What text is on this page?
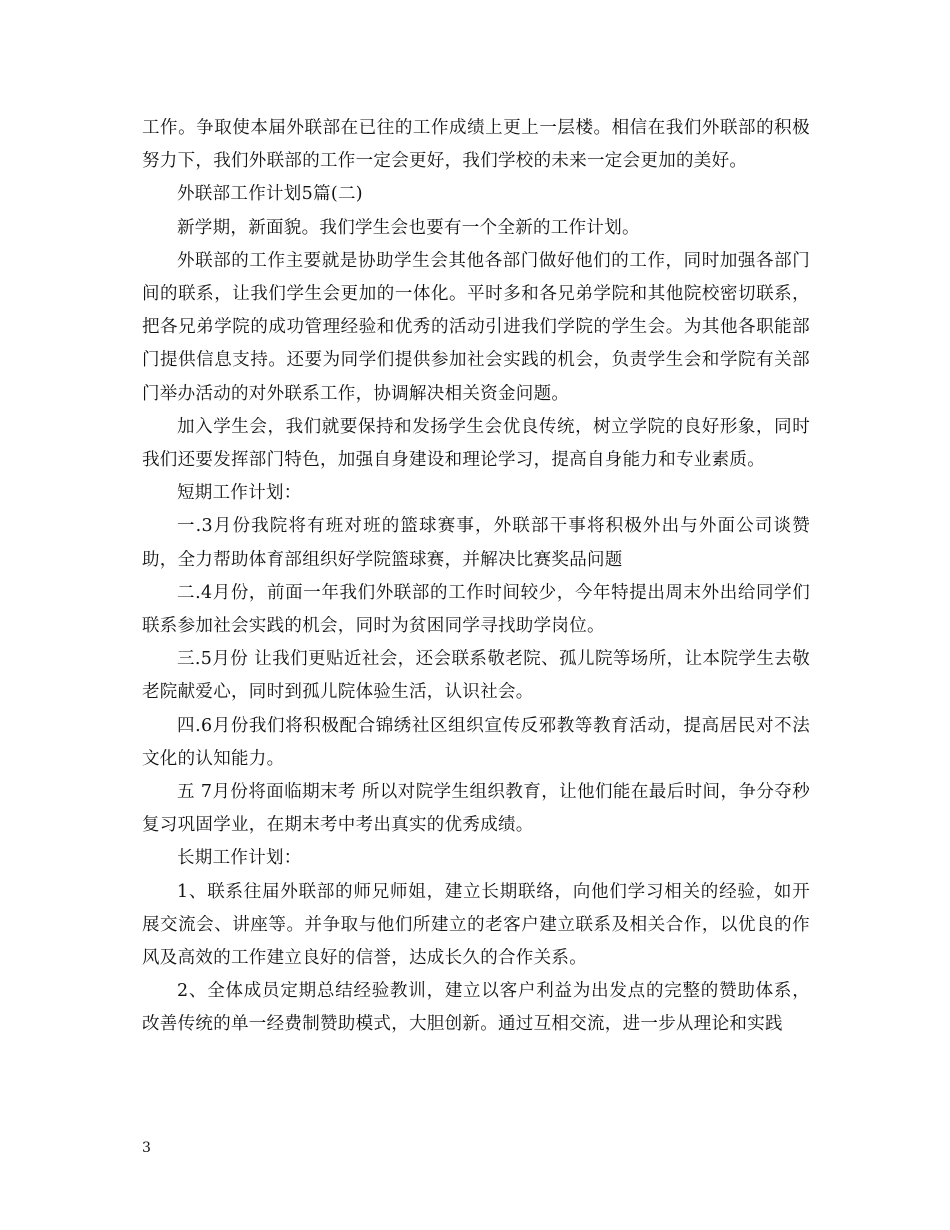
工作。争取使本届外联部在已往的工作成绩上更上一层楼。相信在我们外联部的积极努力下，我们外联部的工作一定会更好，我们学校的未来一定会更加的美好。

外联部工作计划5篇(二)

新学期，新面貌。我们学生会也要有一个全新的工作计划。

外联部的工作主要就是协助学生会其他各部门做好他们的工作，同时加强各部门间的联系，让我们学生会更加的一体化。平时多和各兄弟学院和其他院校密切联系，把各兄弟学院的成功管理经验和优秀的活动引进我们学院的学生会。为其他各职能部门提供信息支持。还要为同学们提供参加社会实践的机会，负责学生会和学院有关部门举办活动的对外联系工作，协调解决相关资金问题。

加入学生会，我们就要保持和发扬学生会优良传统，树立学院的良好形象，同时我们还要发挥部门特色，加强自身建设和理论学习，提高自身能力和专业素质。

短期工作计划：

一.3月份我院将有班对班的篮球赛事，外联部干事将积极外出与外面公司谈赞助，全力帮助体育部组织好学院篮球赛，并解决比赛奖品问题

二.4月份，前面一年我们外联部的工作时间较少，今年特提出周末外出给同学们联系参加社会实践的机会，同时为贫困同学寻找助学岗位。

三.5月份 让我们更贴近社会，还会联系敬老院、孤儿院等场所，让本院学生去敬老院献爱心，同时到孤儿院体验生活，认识社会。

四.6月份我们将积极配合锦绣社区组织宣传反邪教等教育活动，提高居民对不法文化的认知能力。

五 7月份将面临期末考 所以对院学生组织教育，让他们能在最后时间，争分夺秒复习巩固学业，在期末考中考出真实的优秀成绩。

长期工作计划：

1、联系往届外联部的师兄师姐，建立长期联络，向他们学习相关的经验，如开展交流会、讲座等。并争取与他们所建立的老客户建立联系及相关合作，以优良的作风及高效的工作建立良好的信誉，达成长久的合作关系。

2、全体成员定期总结经验教训，建立以客户利益为出发点的完整的赞助体系，改善传统的单一经费制赞助模式，大胆创新。通过互相交流，进一步从理论和实践

3
